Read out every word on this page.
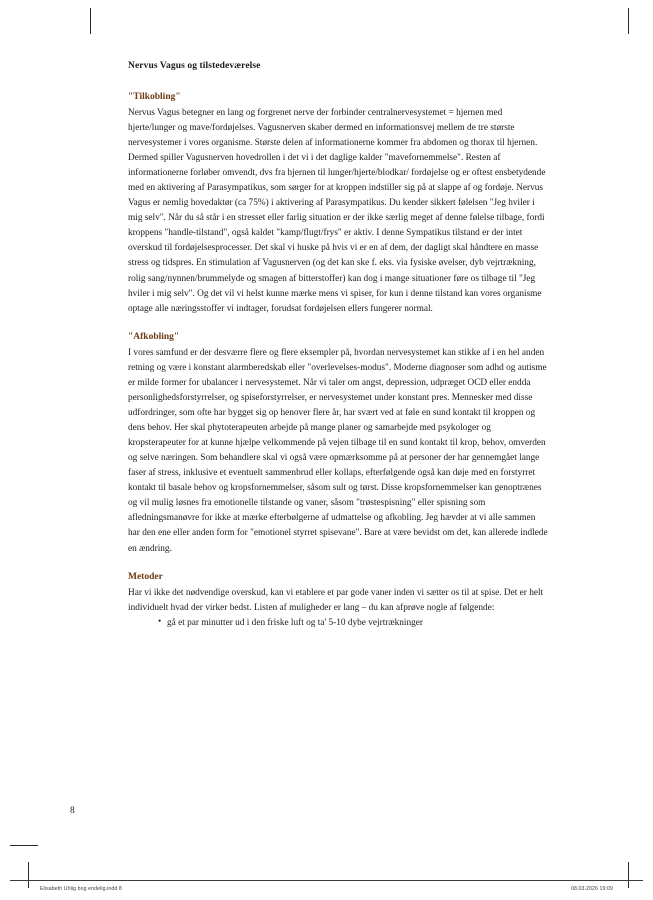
Nervus Vagus og tilstedeværelse

"Tilkobling"

Nervus Vagus betegner en lang og forgrenet nerve der forbinder centralnervesystemet = hjernen med hjerte/lunger og mave/fordøjelses. Vagusnerven skaber dermed en informationsvej mellem de tre største nervesystemer i vores organisme. Største delen af informationerne kommer fra abdomen og thorax til hjernen. Dermed spiller Vagusnerven hovedrollen i det vi i det daglige kalder "mavefornemmelse". Resten af informationerne forløber omvendt, dvs fra hjernen til lunger/hjerte/blodkar/ fordøjelse og er oftest ensbetydende med en aktivering af Parasympatikus, som sørger for at kroppen indstiller sig på at slappe af og fordøje. Nervus Vagus er nemlig hovedaktør (ca 75%) i aktivering af Parasympatikus. Du kender sikkert følelsen "Jeg hviler i mig selv". Når du så står i en stresset eller farlig situation er der ikke særlig meget af denne følelse tilbage, fordi kroppens "handle-tilstand", også kaldet "kamp/flugt/frys" er aktiv. I denne Sympatikus tilstand er der intet overskud til fordøjelsesprocesser. Det skal vi huske på hvis vi er en af dem, der dagligt skal håndtere en masse stress og tidspres. En stimulation af Vagusnerven (og det kan ske f. eks. via fysiske øvelser, dyb vejrtrækning, rolig sang/nynnen/brummelyde og smagen af bitterstoffer) kan dog i mange situationer føre os tilbage til "Jeg hviler i mig selv". Og det vil vi helst kunne mærke mens vi spiser, for kun i denne tilstand kan vores organisme optage alle næringsstoffer vi indtager, forudsat fordøjelsen ellers fungerer normal.

"Afkobling"

I vores samfund er der desværre flere og flere eksempler på, hvordan nervesystemet kan stikke af i en hel anden retning og være i konstant alarmberedskab eller "overlevelses-modus". Moderne diagnoser som adhd og autisme er milde former for ubalancer i nervesystemet. Når vi taler om angst, depression, udpræget OCD eller endda personlighedsforstyrrelser, og spiseforstyrrelser, er nervesystemet under konstant pres. Mennesker med disse udfordringer, som ofte har bygget sig op henover flere år, har svært ved at føle en sund kontakt til kroppen og dens behov. Her skal phytoterapeuten arbejde på mange planer og samarbejde med psykologer og kropsterapeuter for at kunne hjælpe velkommende på vejen tilbage til en sund kontakt til krop, behov, omverden og selve næringen. Som behandlere skal vi også være opmærksomme på at personer der har gennemgået lange faser af stress, inklusive et eventuelt sammenbrud eller kollaps, efterfølgende også kan døje med en forstyrret kontakt til basale behov og kropsfornemmelser, såsom sult og tørst. Disse kropsfornemmelser kan genoptrænes og vil mulig løsnes fra emotionelle tilstande og vaner, såsom "trøstespisning" eller spisning som afledningsmanøvre for ikke at mærke efterbølgerne af udmattelse og afkobling. Jeg hævder at vi alle sammen har den ene eller anden form for "emotionel styrret spisevane". Bare at være bevidst om det, kan allerede indlede en ændring.

Metoder

Har vi ikke det nødvendige overskud, kan vi etablere et par gode vaner inden vi sætter os til at spise. Det er helt individuelt hvad der virker bedst. Listen af muligheder er lang – du kan afprøve nogle af følgende:

• gå et par minutter ud i den friske luft og ta' 5-10 dybe vejrtrækninger
8
Elisabeth Uhlig bog endelig.indd 8	08.03.2026 19:09
